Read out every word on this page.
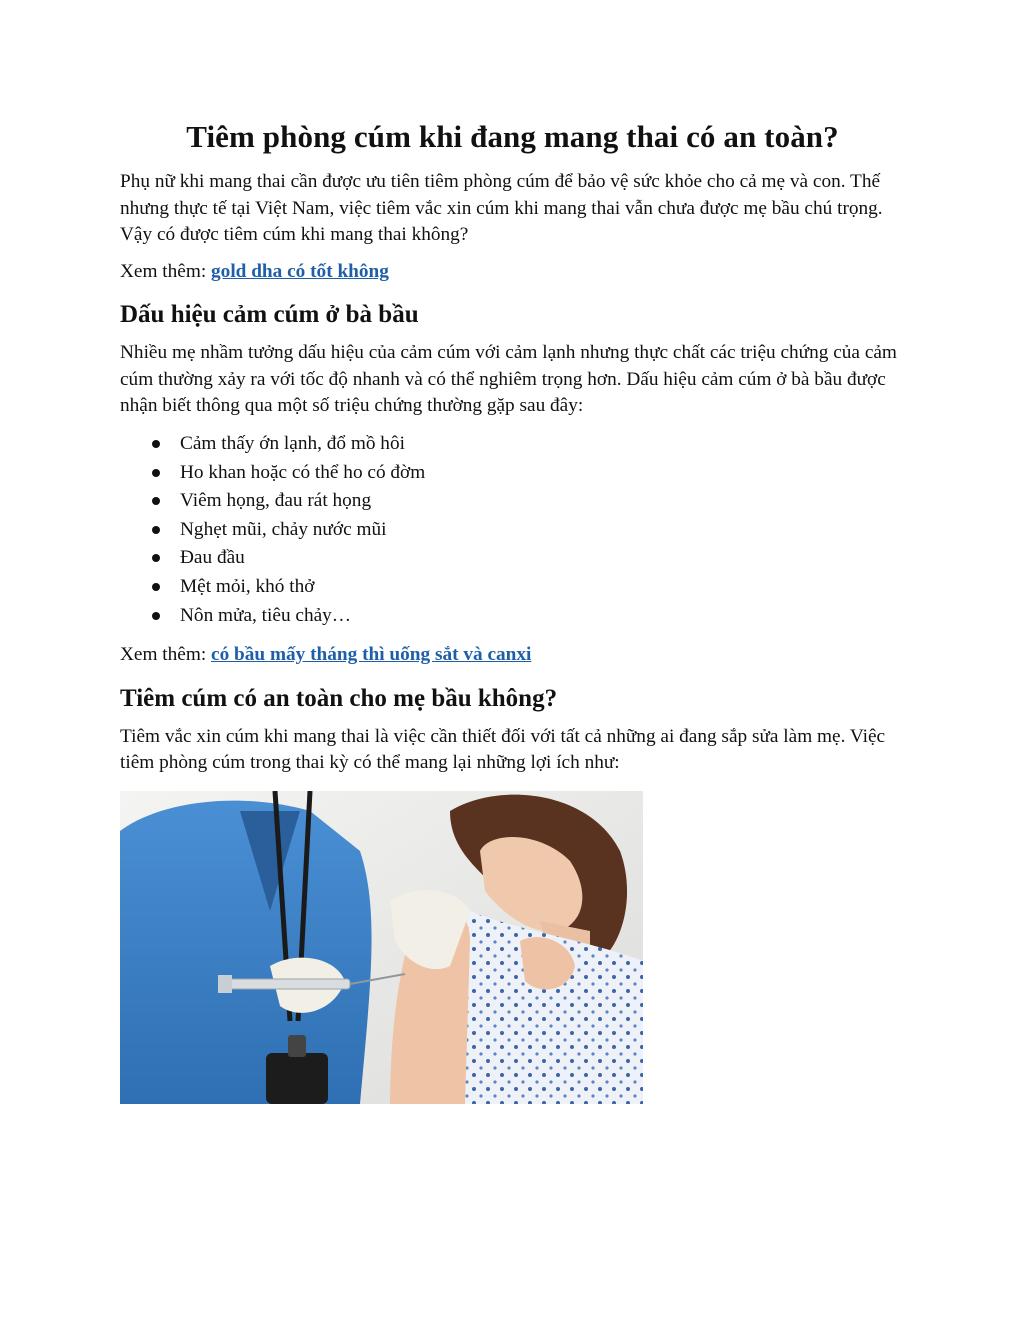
Tiêm phòng cúm khi đang mang thai có an toàn?

Phụ nữ khi mang thai cần được ưu tiên tiêm phòng cúm để bảo vệ sức khỏe cho cả mẹ và con. Thế nhưng thực tế tại Việt Nam, việc tiêm vắc xin cúm khi mang thai vẫn chưa được mẹ bầu chú trọng. Vậy có được tiêm cúm khi mang thai không?

Xem thêm: gold dha có tốt không

Dấu hiệu cảm cúm ở bà bầu

Nhiều mẹ nhầm tưởng dấu hiệu của cảm cúm với cảm lạnh nhưng thực chất các triệu chứng của cảm cúm thường xảy ra với tốc độ nhanh và có thể nghiêm trọng hơn. Dấu hiệu cảm cúm ở bà bầu được nhận biết thông qua một số triệu chứng thường gặp sau đây:

Cảm thấy ớn lạnh, đổ mồ hôi
Ho khan hoặc có thể ho có đờm
Viêm họng, đau rát họng
Nghẹt mũi, chảy nước mũi
Đau đầu
Mệt mỏi, khó thở
Nôn mửa, tiêu chảy…

Xem thêm: có bầu mấy tháng thì uống sắt và canxi

Tiêm cúm có an toàn cho mẹ bầu không?

Tiêm vắc xin cúm khi mang thai là việc cần thiết đối với tất cả những ai đang sắp sửa làm mẹ. Việc tiêm phòng cúm trong thai kỳ có thể mang lại những lợi ích như:
